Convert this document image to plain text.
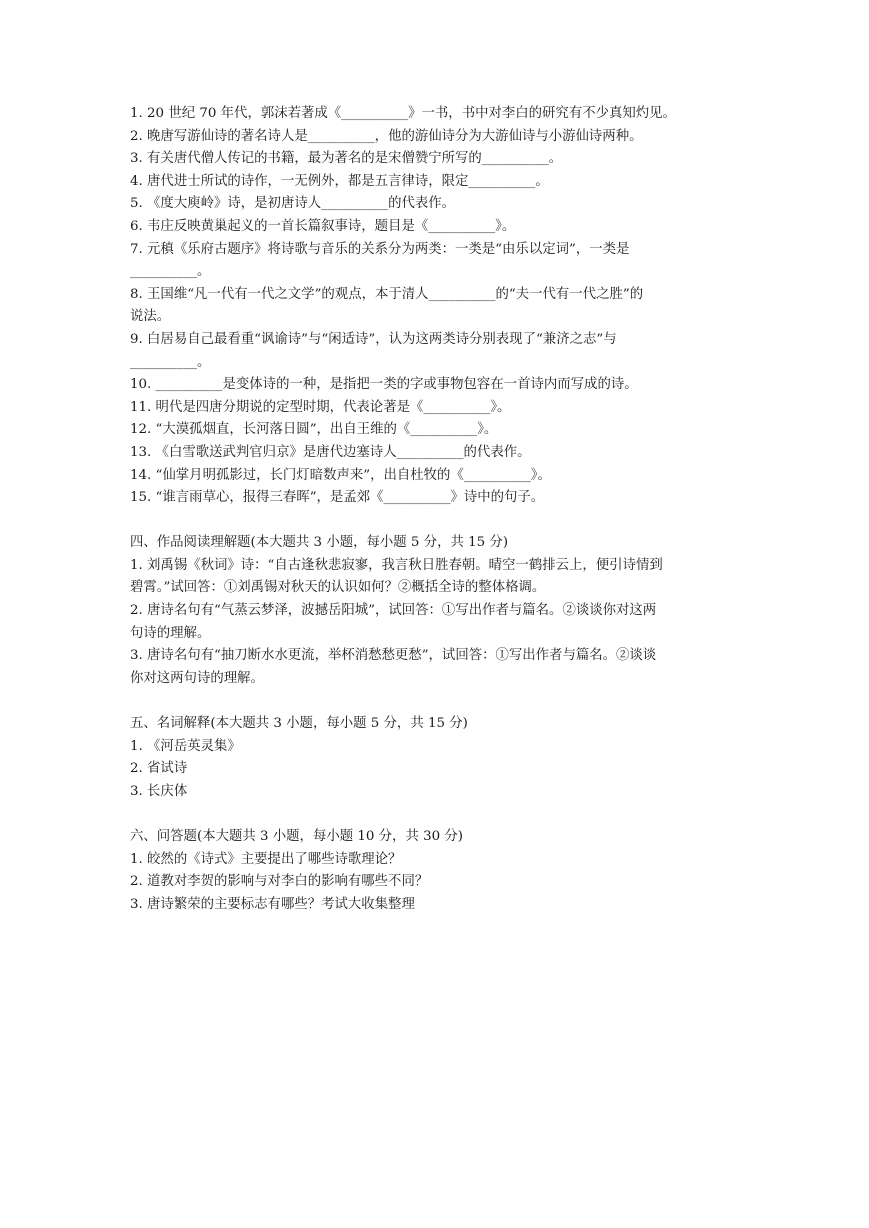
1. 20 世纪 70 年代，郭沫若著成《__________》一书，书中对李白的研究有不少真知灼见。
2. 晚唐写游仙诗的著名诗人是__________，他的游仙诗分为大游仙诗与小游仙诗两种。
3. 有关唐代僧人传记的书籍，最为著名的是宋僧赞宁所写的__________。
4. 唐代进士所试的诗作，一无例外，都是五言律诗，限定__________。
5. 《度大庾岭》诗，是初唐诗人__________的代表作。
6. 韦庄反映黄巢起义的一首长篇叙事诗，题目是《__________》。
7. 元稹《乐府古题序》将诗歌与音乐的关系分为两类：一类是“由乐以定词”，一类是
__________。
8. 王国维“凡一代有一代之文学”的观点，本于清人__________的“夫一代有一代之胜”的
说法。
9. 白居易自己最看重“讽谕诗”与“闲适诗”，认为这两类诗分别表现了“兼济之志”与
__________。
10. __________是变体诗的一种，是指把一类的字或事物包容在一首诗内而写成的诗。
11. 明代是四唐分期说的定型时期，代表论著是《__________》。
12. “大漠孤烟直，长河落日圆”，出自王维的《__________》。
13. 《白雪歌送武判官归京》是唐代边塞诗人__________的代表作。
14. “仙掌月明孤影过，长门灯暗数声来”，出自杜牧的《__________》。
15. “谁言雨草心，报得三春晖”，是孟郊《__________》诗中的句子。
四、作品阅读理解题(本大题共 3 小题，每小题 5 分，共 15 分)
1. 刘禹锡《秋词》诗：“自古逢秋悲寂寥，我言秋日胜春朝。晴空一鹤排云上，便引诗情到
碧霄。”试回答：①刘禹锡对秋天的认识如何？②概括全诗的整体格调。
2. 唐诗名句有“气蒸云梦泽，波撼岳阳城”，试回答：①写出作者与篇名。②谈谈你对这两
句诗的理解。
3. 唐诗名句有“抽刀断水水更流，举杯消愁愁更愁”，试回答：①写出作者与篇名。②谈谈
你对这两句诗的理解。
五、名词解释(本大题共 3 小题，每小题 5 分，共 15 分)
1. 《河岳英灵集》
2. 省试诗
3. 长庆体
六、问答题(本大题共 3 小题，每小题 10 分，共 30 分)
1. 皎然的《诗式》主要提出了哪些诗歌理论？
2. 道教对李贺的影响与对李白的影响有哪些不同？
3. 唐诗繁荣的主要标志有哪些？考试大收集整理
